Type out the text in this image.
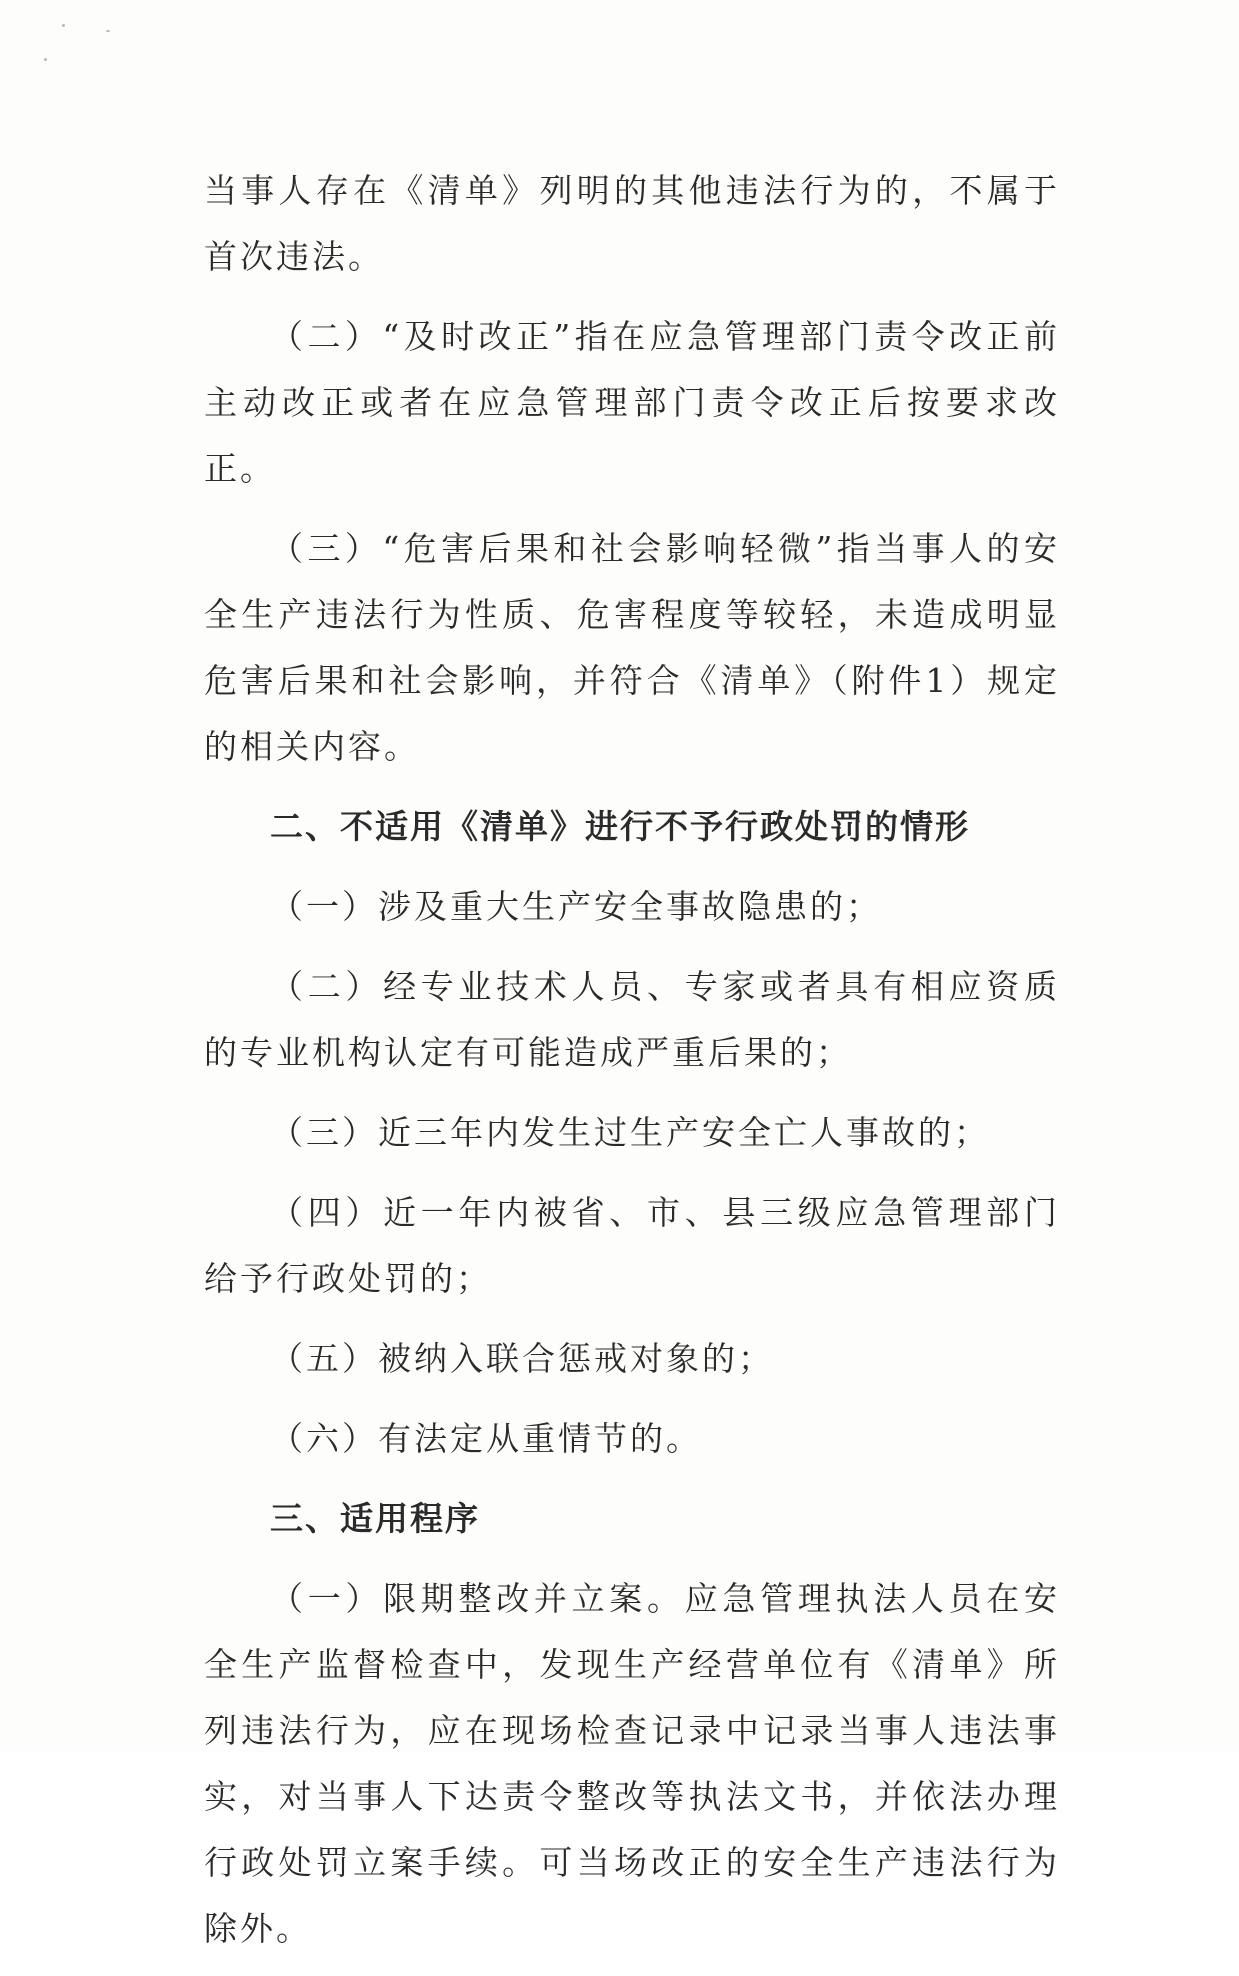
当事人存在《清单》列明的其他违法行为的，不属于首次违法。

（二）“及时改正”指在应急管理部门责令改正前主动改正或者在应急管理部门责令改正后按要求改正。

（三）“危害后果和社会影响轻微”指当事人的安全生产违法行为性质、危害程度等较轻，未造成明显危害后果和社会影响，并符合《清单》（附件1）规定的相关内容。

二、不适用《清单》进行不予行政处罚的情形

（一）涉及重大生产安全事故隐患的；

（二）经专业技术人员、专家或者具有相应资质的专业机构认定有可能造成严重后果的；

（三）近三年内发生过生产安全亡人事故的；

（四）近一年内被省、市、县三级应急管理部门给予行政处罚的；

（五）被纳入联合惩戒对象的；

（六）有法定从重情节的。

三、适用程序

（一）限期整改并立案。应急管理执法人员在安全生产监督检查中，发现生产经营单位有《清单》所列违法行为，应在现场检查记录中记录当事人违法事实，对当事人下达责令整改等执法文书，并依法办理行政处罚立案手续。可当场改正的安全生产违法行为除外。
